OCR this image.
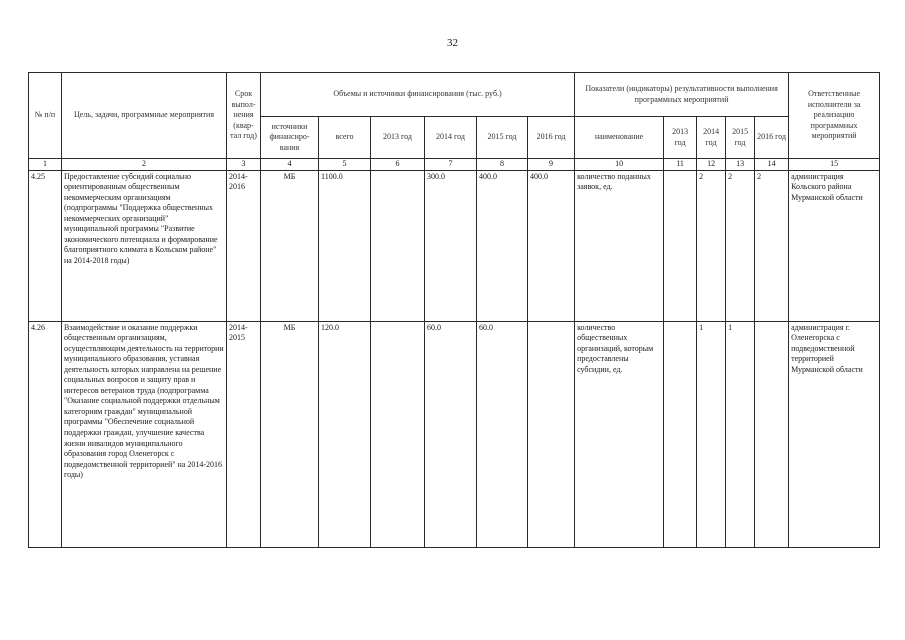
32
№ п/п	Цель, задачи, программные мероприятия	Срок выпол-нения (квар-тал год)	Объемы и источники финансирования (тыс. руб.)						Показатели (индикаторы) результативности выполнения программных мероприятий					Ответственные исполнители за реализацию программных мероприятий
			источники финансиро-вания	всего	2013 год	2014 год	2015 год	2016 год	наименование	2013 год	2014 год	2015 год	2016 год	
1	2	3	4	5	6	7	8	9	10	11	12	13	14	15
4.25	Предоставление субсидий социально ориентированным общественным некоммерческим организациям (подпрограммы "Поддержка общественных некоммерческих организаций" муниципальной программы "Развитие экономического потенциала и формирование благоприятного климата в Кольском районе" на 2014-2018 годы)	2014-2016	МБ	1100.0		300.0	400.0	400.0	количество поданных заявок, ед.		2	2	2	администрация Кольского района Мурманской области
4.26	Взаимодействие и оказание поддержки общественным организациям, осуществляющим деятельность на территории муниципального образования, уставная деятельность которых направлена на решение социальных вопросов и защиту прав и интересов ветеранов труда (подпрограмма "Оказание социальной поддержки отдельным категориям граждан" муниципальной программы "Обеспечение социальной поддержки граждан, улучшение качества жизни инвалидов муниципального образования город Оленегорск с подведомственной территорией" на 2014-2016 годы)	2014-2015	МБ	120.0		60.0	60.0		количество общественных организаций, которым предоставлены субсидии, ед.		1	1		администрация г. Оленегорска с подведомственной территорией Мурманской области
